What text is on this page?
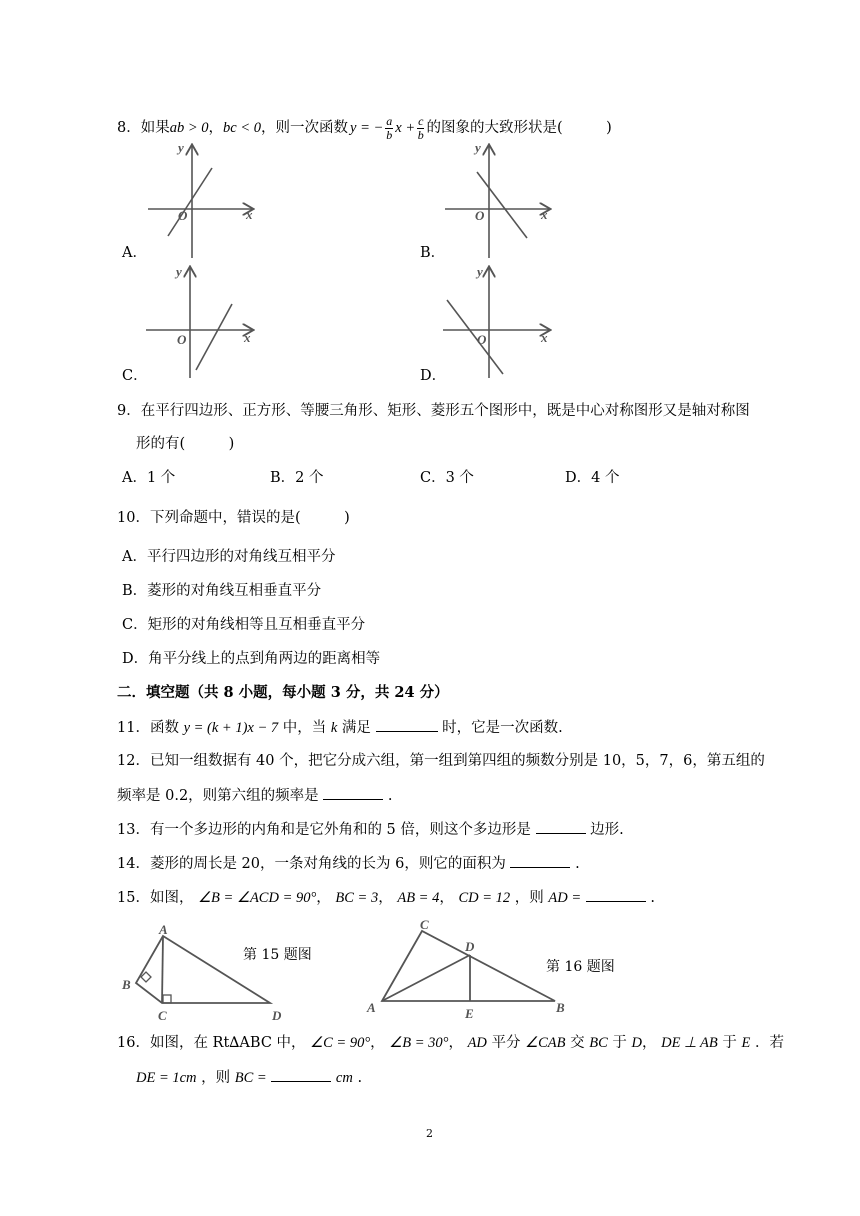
8． 如果 ab > 0 ， bc < 0 ，则一次函数 y = − $\frac{a}{b}$ $x + \frac{c}{b}$ 的图象的大致形状是(　　　)
y
x
O
A．
y
x
O
B．
y
x
O
C．
y
x
O
D．
9．在平行四边形、正方形、等腰三角形、矩形、菱形五个图形中，既是中心对称图形又是轴对称图
形的有(　　　)
A．1 个	B．2 个	C．3 个	D．4 个
10．下列命题中，错误的是(　　　)
A．平行四边形的对角线互相平分
B．菱形的对角线互相垂直平分
C．矩形的对角线相等且互相垂直平分
D．角平分线上的点到角两边的距离相等
二．填空题（共 8 小题，每小题 3 分，共 24 分）
11．函数 y = (k + 1)x − 7 中，当 k 满足	时，它是一次函数.
12．已知一组数据有 40 个，把它分成六组，第一组到第四组的频数分别是 10，5，7，6，第五组的
频率是 0.2，则第六组的频率是	.
13．有一个多边形的内角和是它外角和的 5 倍，则这个多边形是	边形.
14．菱形的周长是 20，一条对角线的长为 6，则它的面积为	.
15．如图， ∠B = ∠ACD = 90°， BC = 3， AB = 4， CD = 12 ，则 AD =	.
A
B
C	D
第 15 题图
C
D
A	E	B
第 16 题图
16．如图，在 Rt∆ABC 中， ∠C = 90°， ∠B = 30°， AD 平分 ∠CAB 交 BC 于 D， DE ⊥ AB 于 E ．若
DE = 1cm ，则 BC =	cm .
2
